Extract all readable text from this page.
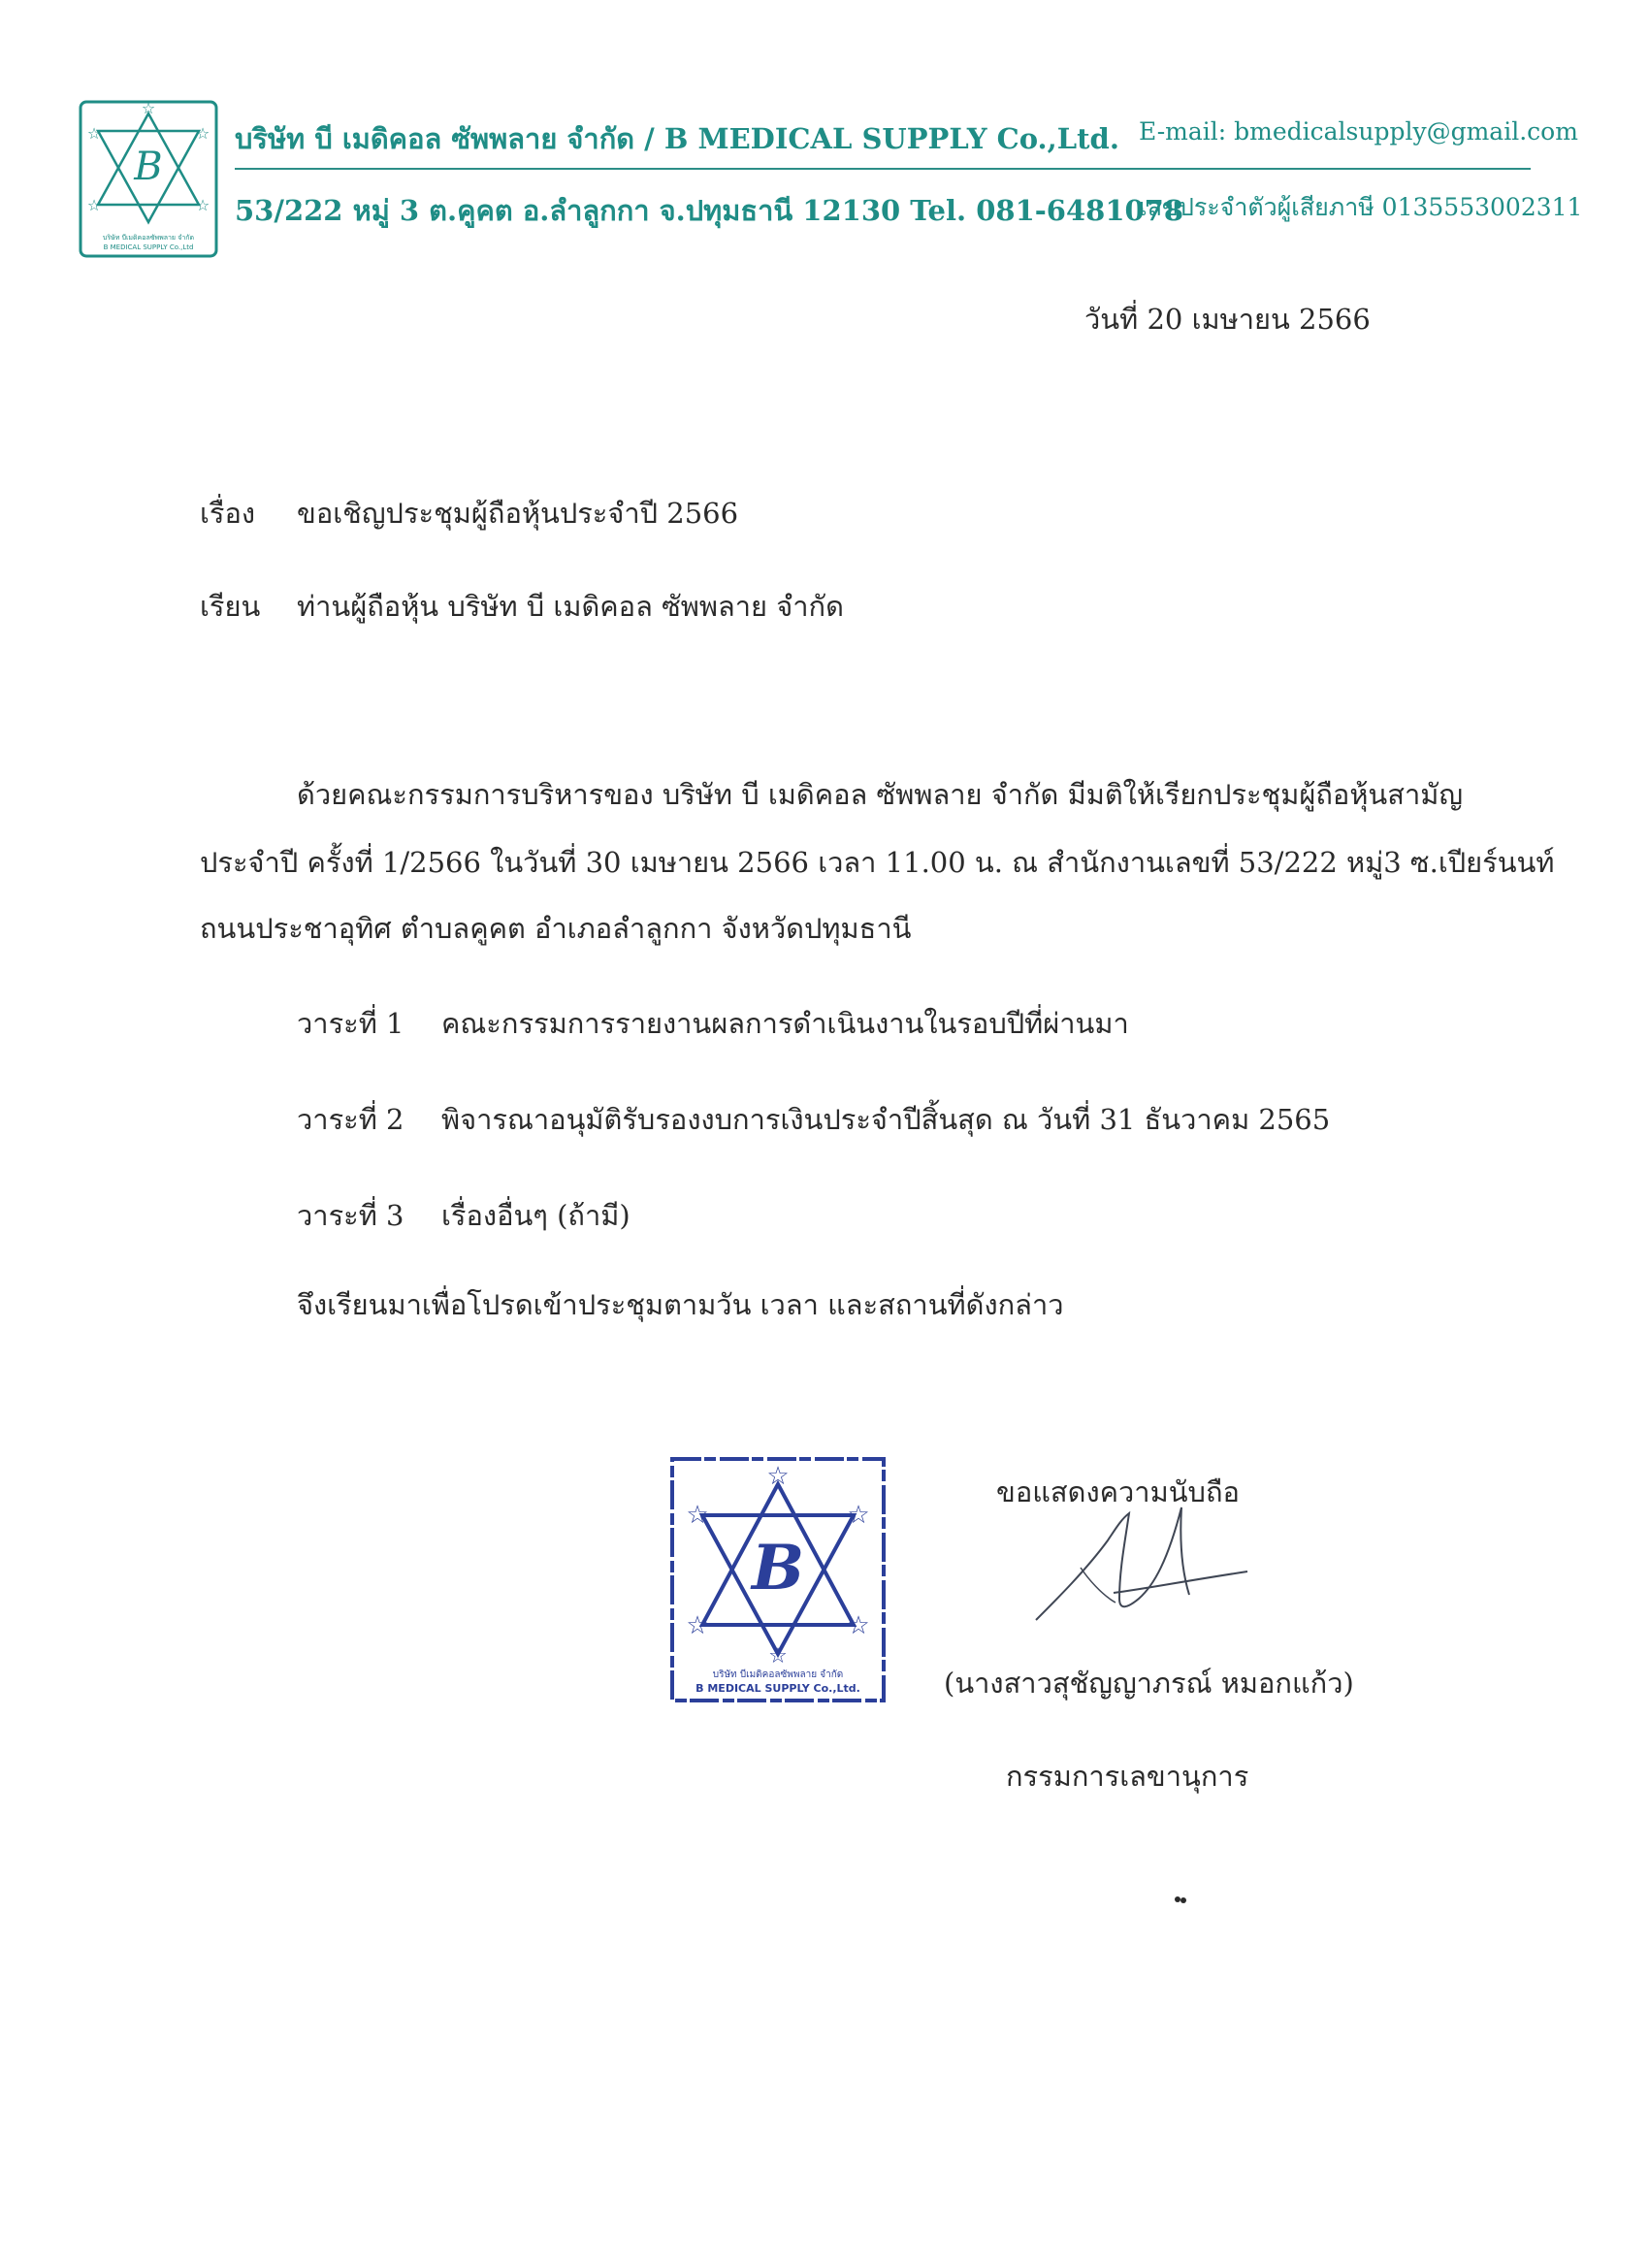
☆
☆	☆
☆	☆
B
บริษัท บีเมดิคอลซัพพลาย จำกัด
B MEDICAL SUPPLY Co.,Ltd
บริษัท บี เมดิคอล ซัพพลาย จำกัด / B MEDICAL SUPPLY Co.,Ltd.
53/222 หมู่ 3 ต.คูคต อ.ลำลูกกา จ.ปทุมธานี 12130 Tel. 081-6481078
E-mail: bmedicalsupply@gmail.com
เลขประจำตัวผู้เสียภาษี 0135553002311
วันที่ 20 เมษายน 2566
เรื่อง ขอเชิญประชุมผู้ถือหุ้นประจำปี 2566
เรียน ท่านผู้ถือหุ้น บริษัท บี เมดิคอล ซัพพลาย จำกัด
ด้วยคณะกรรมการบริหารของ บริษัท บี เมดิคอล ซัพพลาย จำกัด มีมติให้เรียกประชุมผู้ถือหุ้นสามัญ
ประจำปี ครั้งที่ 1/2566 ในวันที่ 30 เมษายน 2566 เวลา 11.00 น. ณ สำนักงานเลขที่ 53/222 หมู่3 ซ.เปียร์นนท์
ถนนประชาอุทิศ ตำบลคูคต อำเภอลำลูกกา จังหวัดปทุมธานี
วาระที่ 1 คณะกรรมการรายงานผลการดำเนินงานในรอบปีที่ผ่านมา
วาระที่ 2 พิจารณาอนุมัติรับรองงบการเงินประจำปีสิ้นสุด ณ วันที่ 31 ธันวาคม 2565
วาระที่ 3 เรื่องอื่นๆ (ถ้ามี)
จึงเรียนมาเพื่อโปรดเข้าประชุมตามวัน เวลา และสถานที่ดังกล่าว
☆
☆	☆
☆	☆
☆
B
บริษัท บีเมดิคอลซัพพลาย จำกัด
B MEDICAL SUPPLY Co.,Ltd.
ขอแสดงความนับถือ
(นางสาวสุชัญญาภรณ์ หมอกแก้ว)
กรรมการเลขานุการ
